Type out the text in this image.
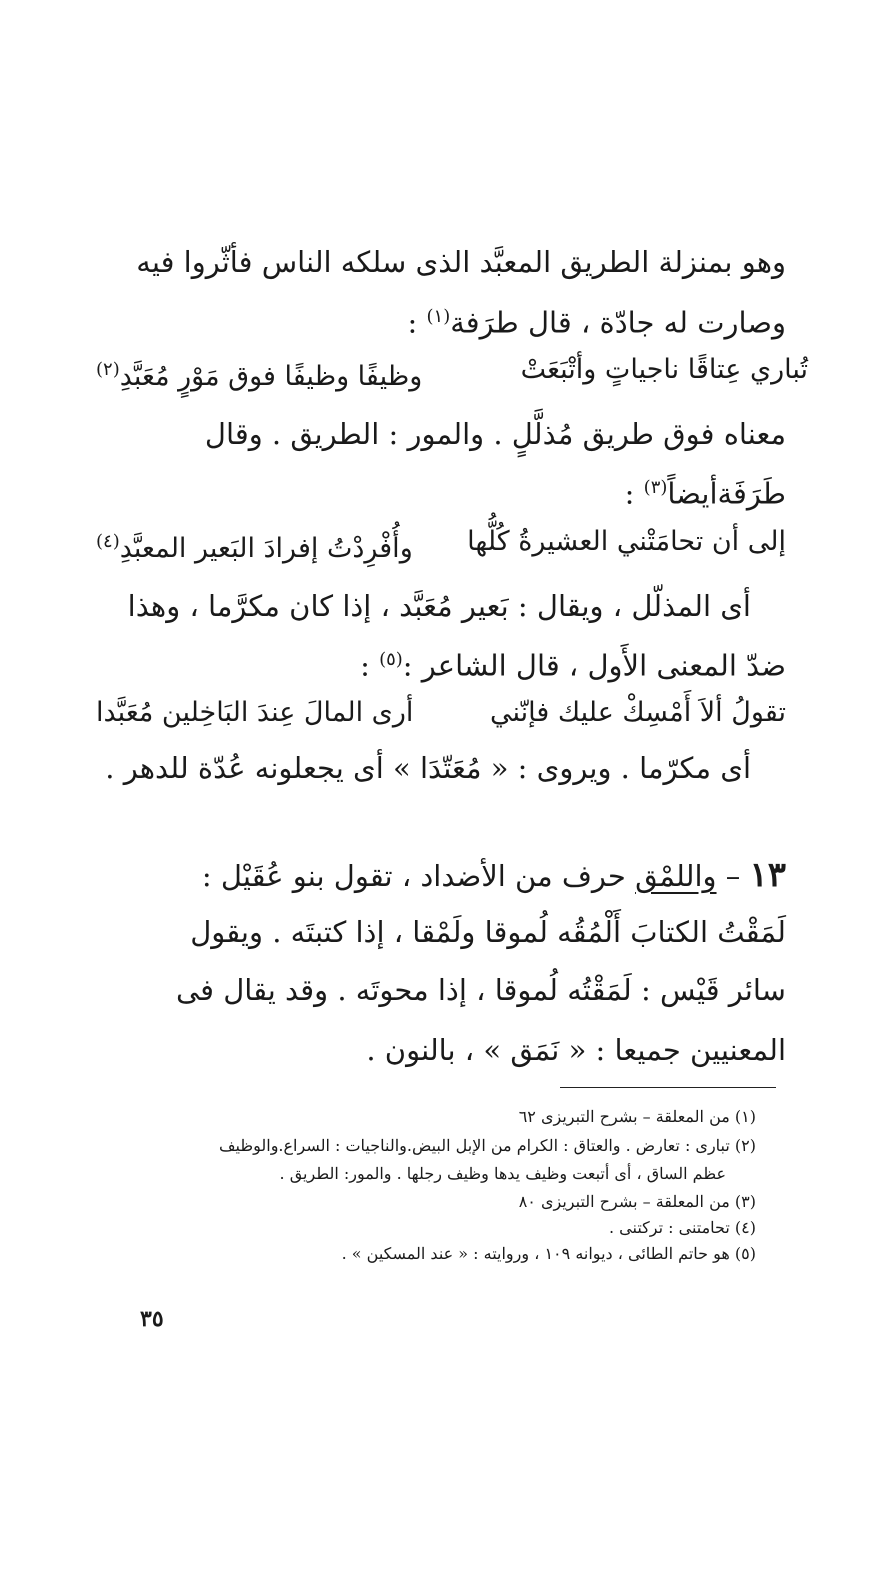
وهو بمنزلة الطريق المعبَّد الذى سلكه الناس فأثّروا فيه
وصارت له جادّة ، قال طرَفة$^{(١)}$ :
تُباري عِتاقًا ناجياتٍ وأتْبَعَتْ
وظيفًا وظيفًا فوق مَوْرٍ مُعَبَّدِ$^{(٢)}$
معناه فوق طريق مُذلَّلٍ . والمور : الطريق . وقال
طَرَفَةأيضاً$^{(٣)}$ :
إلى أن تحامَتْني العشيرةُ كُلُّها
وأُفْرِدْتُ إفرادَ البَعير المعبَّدِ$^{(٤)}$
أى المذلّل ، ويقال : بَعير مُعَبَّد ، إذا كان مكرَّما ، وهذا
ضدّ المعنى الأَول ، قال الشاعر :$^{(٥)}$ :
تقولُ ألاَ أَمْسِكْ عليك فإنّني
أرى المالَ عِندَ البَاخِلين مُعَبَّدا
أى مكرّما . ويروى : « مُعَتّدَا » أى يجعلونه عُدّة للدهر .
١٣ – واللمْق حرف من الأضداد ، تقول بنو عُقَيْل :
لَمَقْتُ الكتابَ أَلْمُقُه لُموقا ولَمْقا ، إذا كتبتَه . ويقول
سائر قَيْس : لَمَقْتُه لُموقا ، إذا محوتَه . وقد يقال فى
المعنيين جميعا : « نَمَق » ، بالنون .
(١) من المعلقة – بشرح التبريزى ٦٢
(٢) تبارى : تعارض . والعتاق : الكرام من الإبل البيض.والناجيات : السراع.والوظيف
عظم الساق ، أى أتبعت وظيف يدها وظيف رجلها . والمور: الطريق .
(٣) من المعلقة – بشرح التبريزى ٨٠
(٤) تحامتنى : تركتنى .
(٥) هو حاتم الطائى ، ديوانه ١٠٩ ، وروايته : « عند المسكين » .
٣٥
